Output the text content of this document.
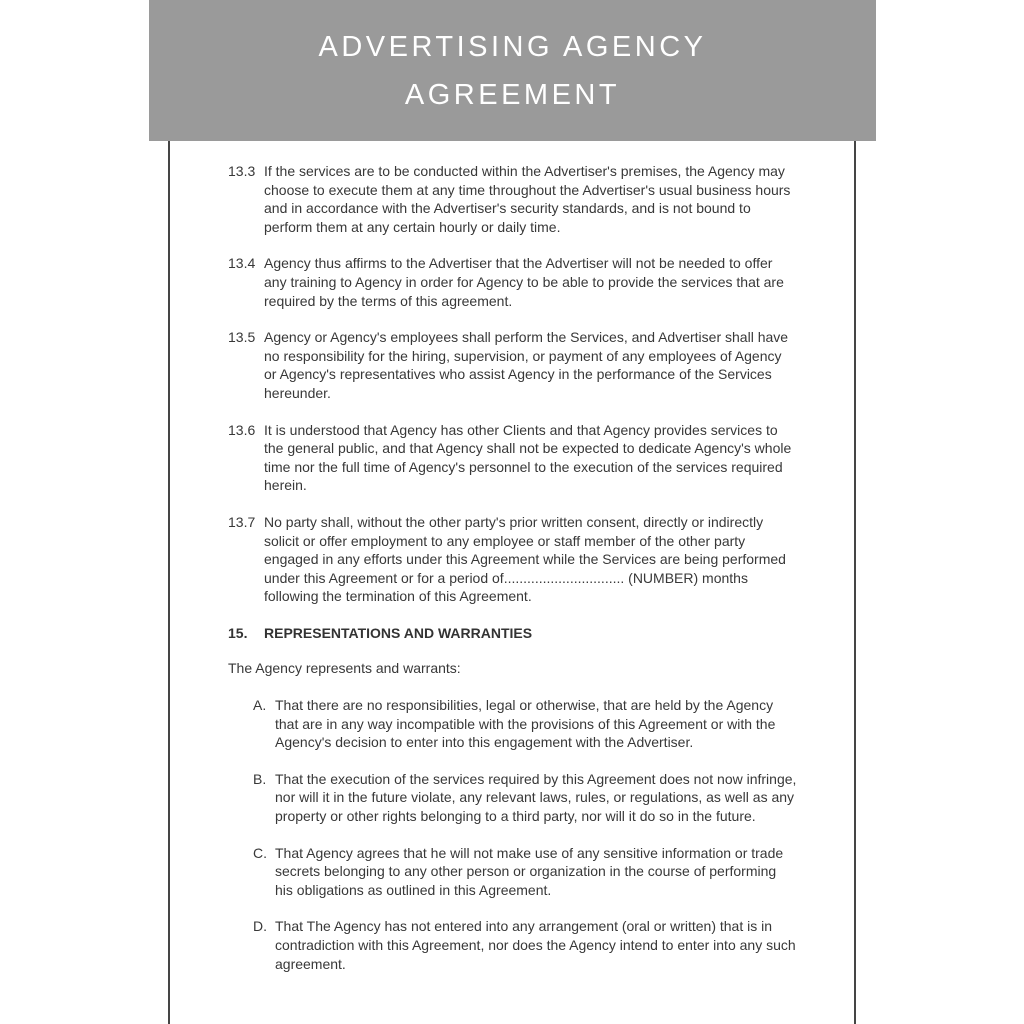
ADVERTISING AGENCY
AGREEMENT
13.3 If the services are to be conducted within the Advertiser's premises, the Agency may choose to execute them at any time throughout the Advertiser's usual business hours and in accordance with the Advertiser's security standards, and is not bound to perform them at any certain hourly or daily time.
13.4 Agency thus affirms to the Advertiser that the Advertiser will not be needed to offer any training to Agency in order for Agency to be able to provide the services that are required by the terms of this agreement.
13.5 Agency or Agency's employees shall perform the Services, and Advertiser shall have no responsibility for the hiring, supervision, or payment of any employees of Agency or Agency's representatives who assist Agency in the performance of the Services hereunder.
13.6 It is understood that Agency has other Clients and that Agency provides services to the general public, and that Agency shall not be expected to dedicate Agency's whole time nor the full time of Agency's personnel to the execution of the services required herein.
13.7 No party shall, without the other party's prior written consent, directly or indirectly solicit or offer employment to any employee or staff member of the other party engaged in any efforts under this Agreement while the Services are being performed under this Agreement or for a period of............................... (NUMBER) months following the termination of this Agreement.
15.	REPRESENTATIONS AND WARRANTIES

The Agency represents and warrants:

A. That there are no responsibilities, legal or otherwise, that are held by the Agency that are in any way incompatible with the provisions of this Agreement or with the Agency's decision to enter into this engagement with the Advertiser.
B. That the execution of the services required by this Agreement does not now infringe, nor will it in the future violate, any relevant laws, rules, or regulations, as well as any property or other rights belonging to a third party, nor will it do so in the future.
C. That Agency agrees that he will not make use of any sensitive information or trade secrets belonging to any other person or organization in the course of performing his obligations as outlined in this Agreement.
D. That The Agency has not entered into any arrangement (oral or written) that is in contradiction with this Agreement, nor does the Agency intend to enter into any such agreement.
